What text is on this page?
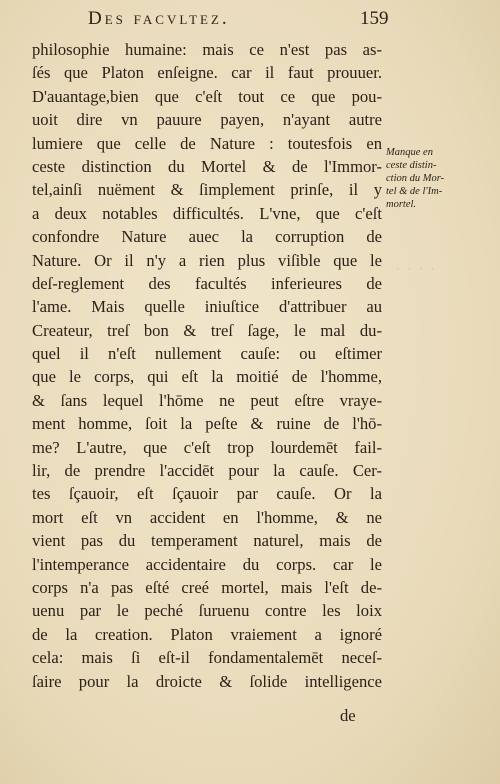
Des facvltez.	159
philosophie humaine: mais ce n'est pas as-
ſés que Platon enſeigne. car il faut prouuer.
D'auantage,bien que c'eſt tout ce que pou-
uoit dire vn pauure payen, n'ayant autre
lumiere que celle de Nature : toutesfois en
ceste distinction du Mortel & de l'Immor-
tel,ainſi nuëment & ſimplement prinſe, il y
a deux notables difficultés. L'vne, que c'eſt
confondre Nature auec la corruption de
Nature. Or il n'y a rien plus viſible que le
deſ-reglement des facultés inferieures de
l'ame. Mais quelle iniuſtice d'attribuer au
Createur, treſ bon & treſ ſage, le mal du-
quel il n'eſt nullement cauſe: ou eſtimer
que le corps, qui eſt la moitié de l'homme,
& ſans lequel l'hōme ne peut eſtre vraye-
ment homme, ſoit la peſte & ruine de l'hō-
me? L'autre, que c'eſt trop lourdemēt fail-
lir, de prendre l'accidēt pour la cauſe. Cer-
tes ſçauoir, eſt ſçauoir par cauſe. Or la
mort eſt vn accident en l'homme, & ne
vient pas du temperament naturel, mais de
l'intemperance accidentaire du corps. car le
corps n'a pas eſté creé mortel, mais l'eſt de-
uenu par le peché ſuruenu contre les loix
de la creation. Platon vraiement a ignoré
cela: mais ſi eſt-il fondamentalemēt neceſ-
ſaire pour la droicte & ſolide intelligence
de
Manque en
ceste distin-
ction du Mor-
tel & de l'Im-
mortel.
· · · ·
